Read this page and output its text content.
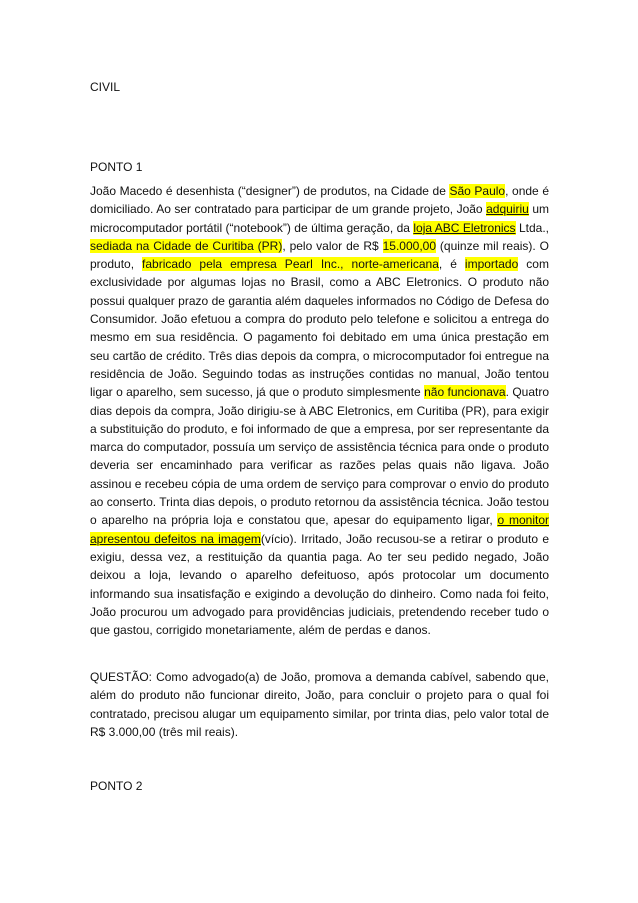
CIVIL
PONTO 1
João Macedo é desenhista (“designer”) de produtos, na Cidade de São Paulo, onde é domiciliado. Ao ser contratado para participar de um grande projeto, João adquiriu um microcomputador portátil (“notebook”) de última geração, da loja ABC Eletronics Ltda., sediada na Cidade de Curitiba (PR), pelo valor de R$ 15.000,00 (quinze mil reais). O produto, fabricado pela empresa Pearl Inc., norte-americana, é importado com exclusividade por algumas lojas no Brasil, como a ABC Eletronics. O produto não possui qualquer prazo de garantia além daqueles informados no Código de Defesa do Consumidor. João efetuou a compra do produto pelo telefone e solicitou a entrega do mesmo em sua residência. O pagamento foi debitado em uma única prestação em seu cartão de crédito. Três dias depois da compra, o microcomputador foi entregue na residência de João. Seguindo todas as instruções contidas no manual, João tentou ligar o aparelho, sem sucesso, já que o produto simplesmente não funcionava. Quatro dias depois da compra, João dirigiu-se à ABC Eletronics, em Curitiba (PR), para exigir a substituição do produto, e foi informado de que a empresa, por ser representante da marca do computador, possuía um serviço de assistência técnica para onde o produto deveria ser encaminhado para verificar as razões pelas quais não ligava. João assinou e recebeu cópia de uma ordem de serviço para comprovar o envio do produto ao conserto. Trinta dias depois, o produto retornou da assistência técnica. João testou o aparelho na própria loja e constatou que, apesar do equipamento ligar, o monitor apresentou defeitos na imagem(vício). Irritado, João recusou-se a retirar o produto e exigiu, dessa vez, a restituição da quantia paga. Ao ter seu pedido negado, João deixou a loja, levando o aparelho defeituoso, após protocolar um documento informando sua insatisfação e exigindo a devolução do dinheiro. Como nada foi feito, João procurou um advogado para providências judiciais, pretendendo receber tudo o que gastou, corrigido monetariamente, além de perdas e danos.
QUESTÃO: Como advogado(a) de João, promova a demanda cabível, sabendo que, além do produto não funcionar direito, João, para concluir o projeto para o qual foi contratado, precisou alugar um equipamento similar, por trinta dias, pelo valor total de R$ 3.000,00 (três mil reais).
PONTO 2
